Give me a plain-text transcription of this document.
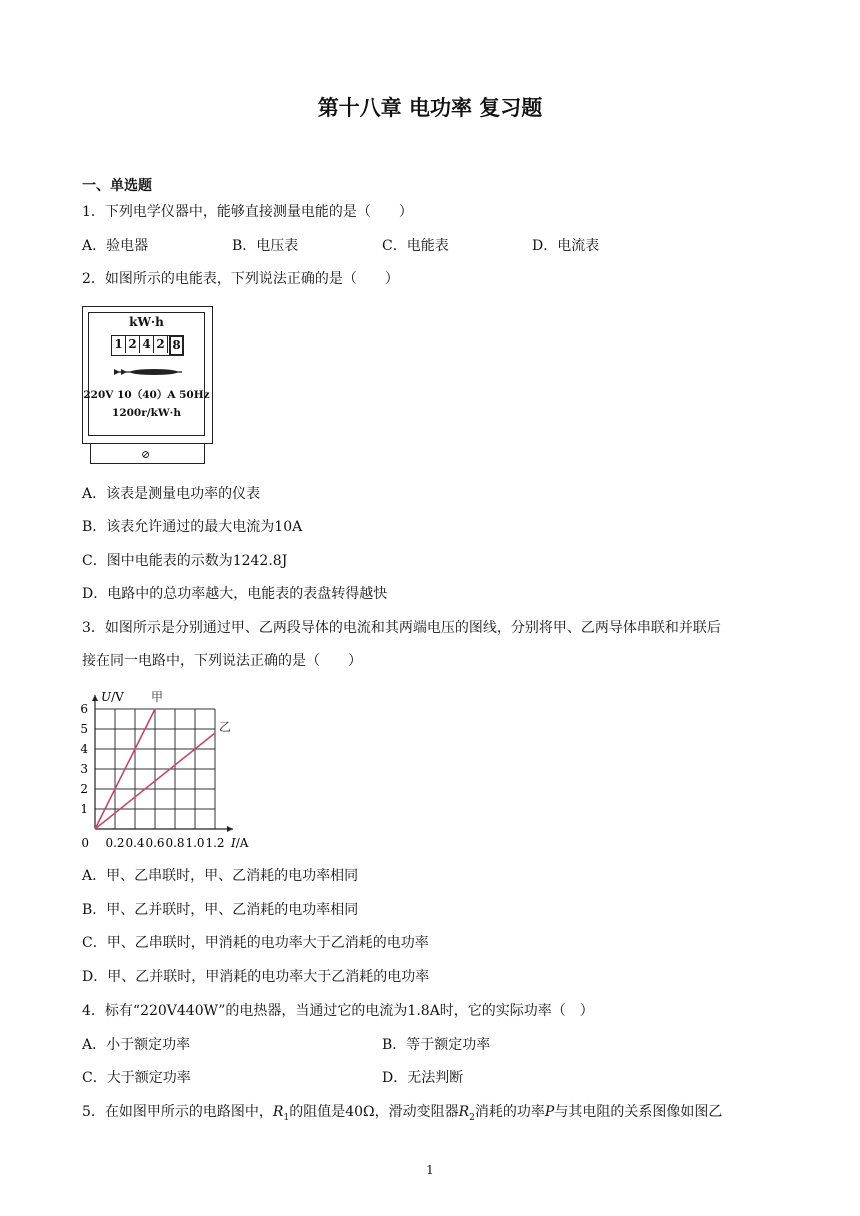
第十八章 电功率 复习题
一、单选题
1．下列电学仪器中，能够直接测量电能的是（　　）
A．验电器	B．电压表	C．电能表	D．电流表
2．如图所示的电能表，下列说法正确的是（　　）
kW·h
1 2 4 2 8
220V 10（40）A 50Hz
1200r/kW·h
⊘
A．该表是测量电功率的仪表
B．该表允许通过的最大电流为10A
C．图中电能表的示数为1242.8J
D．电路中的总功率越大，电能表的表盘转得越快
3．如图所示是分别通过甲、乙两段导体的电流和其两端电压的图线，分别将甲、乙两导体串联和并联后
接在同一电路中，下列说法正确的是（　　）
0.2 0.4 0.6 0.8 1.0 1.2
1
2
3
4
5
6
甲
乙
U/V
I/A
0
A．甲、乙串联时，甲、乙消耗的电功率相同
B．甲、乙并联时，甲、乙消耗的电功率相同
C．甲、乙串联时，甲消耗的电功率大于乙消耗的电功率
D．甲、乙并联时，甲消耗的电功率大于乙消耗的电功率
4．标有“220V440W”的电热器，当通过它的电流为1.8A时，它的实际功率（　）
A．小于额定功率	B．等于额定功率
C．大于额定功率	D．无法判断
5．在如图甲所示的电路图中，$R_1$的阻值是40Ω，滑动变阻器$R_2$消耗的功率P与其电阻的关系图像如图乙
1
